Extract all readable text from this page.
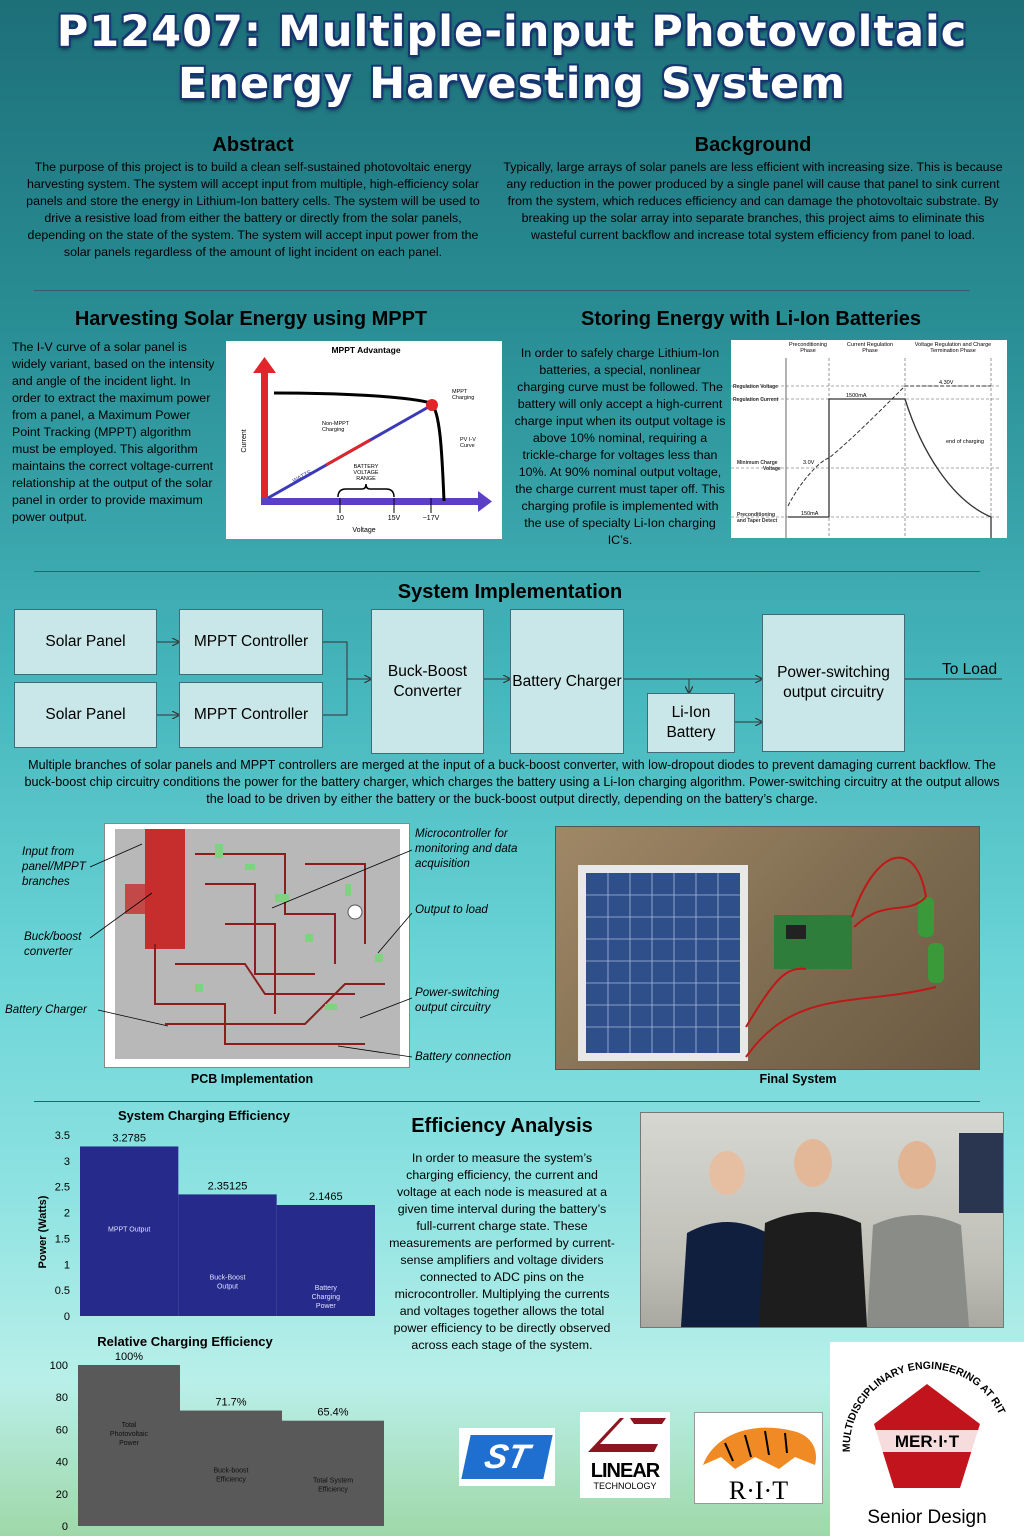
P12407: Multiple-input Photovoltaic
Energy Harvesting System
Abstract
The purpose of this project is to build a clean self-sustained photovoltaic energy harvesting system. The system will accept input from multiple, high-efficiency solar panels and store the energy in Lithium-Ion battery cells. The system will be used to drive a resistive load from either the battery or directly from the solar panels, depending on the state of the system. The system will accept input power from the solar panels regardless of the amount of light incident on each panel.
Background
Typically, large arrays of solar panels are less efficient with increasing size. This is because any reduction in the power produced by a single panel will cause that panel to sink current from the system, which reduces efficiency and can damage the photovoltaic substrate. By breaking up the solar array into separate branches, this project aims to eliminate this wasteful current backflow and increase total system efficiency from panel to load.
Harvesting Solar Energy using MPPT
The I-V curve of a solar panel is widely variant, based on the intensity and angle of the incident light. In order to extract the maximum power from a panel, a Maximum Power Point Tracking (MPPT) algorithm must be employed. This algorithm maintains the correct voltage-current relationship at the output of the solar panel in order to provide maximum power output.
MPPT Advantage
Current
Voltage
WATTS
MPPT Charging
Non-MPPT Charging
PV I-V Curve
BATTERY VOLTAGE RANGE
10	15V	~17V
Storing Energy with Li-Ion Batteries
In order to safely charge Lithium-Ion batteries, a special, nonlinear charging curve must be followed. The battery will only accept a high-current charge input when its output voltage is above 10% nominal, requiring a trickle-charge for voltages less than 10%. At 90% nominal output voltage, the charge current must taper off. This charging profile is implemented with the use of specialty Li-Ion charging IC’s.
Preconditioning Phase
Current Regulation Phase
Voltage Regulation and Charge Termination Phase
Regulation Voltage
Regulation Current
Minimum Charge Voltage
Preconditioning and Taper Detect
4.30V
1500mA
3.0V
150mA
end of charging
System Implementation
Solar Panel
Solar Panel
MPPT Controller
MPPT Controller
Buck-Boost Converter
Battery Charger
Li-Ion Battery
Power-switching output circuitry
To Load
Multiple branches of solar panels and MPPT controllers are merged at the input of a buck-boost converter, with low-dropout diodes to prevent damaging current backflow. The buck-boost chip circuitry conditions the power for the battery charger, which charges the battery using a Li-Ion charging algorithm. Power-switching circuitry at the output allows the load to be driven by either the battery or the buck-boost output directly, depending on the battery’s charge.
Input from panel/MPPT branches
Buck/boost converter
Battery Charger
Microcontroller for monitoring and data acquisition
Output to load
Power-switching output circuitry
Battery connection
PCB Implementation	Final System
System Charging Efficiency
Power (Watts)
0
0.5
1
1.5
2
2.5
3
3.5	3.2785
MPPT Output
2.35125
Buck-Boost Output
2.1465
Battery Charging Power
Relative Charging Efficiency
0
20
40
60
80
100
100%
Total Photovoltaic Power
71.7%
Buck-boost Efficiency
65.4%
Total System Efficiency
Efficiency Analysis
In order to measure the system’s charging efficiency, the current and voltage at each node is measured at a given time interval during the battery’s full-current charge state. These measurements are performed by current-sense amplifiers and voltage dividers connected to ADC pins on the microcontroller. Multiplying the currents and voltages together allows the total power efficiency to be directly observed across each stage of the system.
ST	LINEAR
TECHNOLOGY	R·I·T
MULTIDISCIPLINARY ENGINEERING AT RIT
MER·I·T
Senior Design
